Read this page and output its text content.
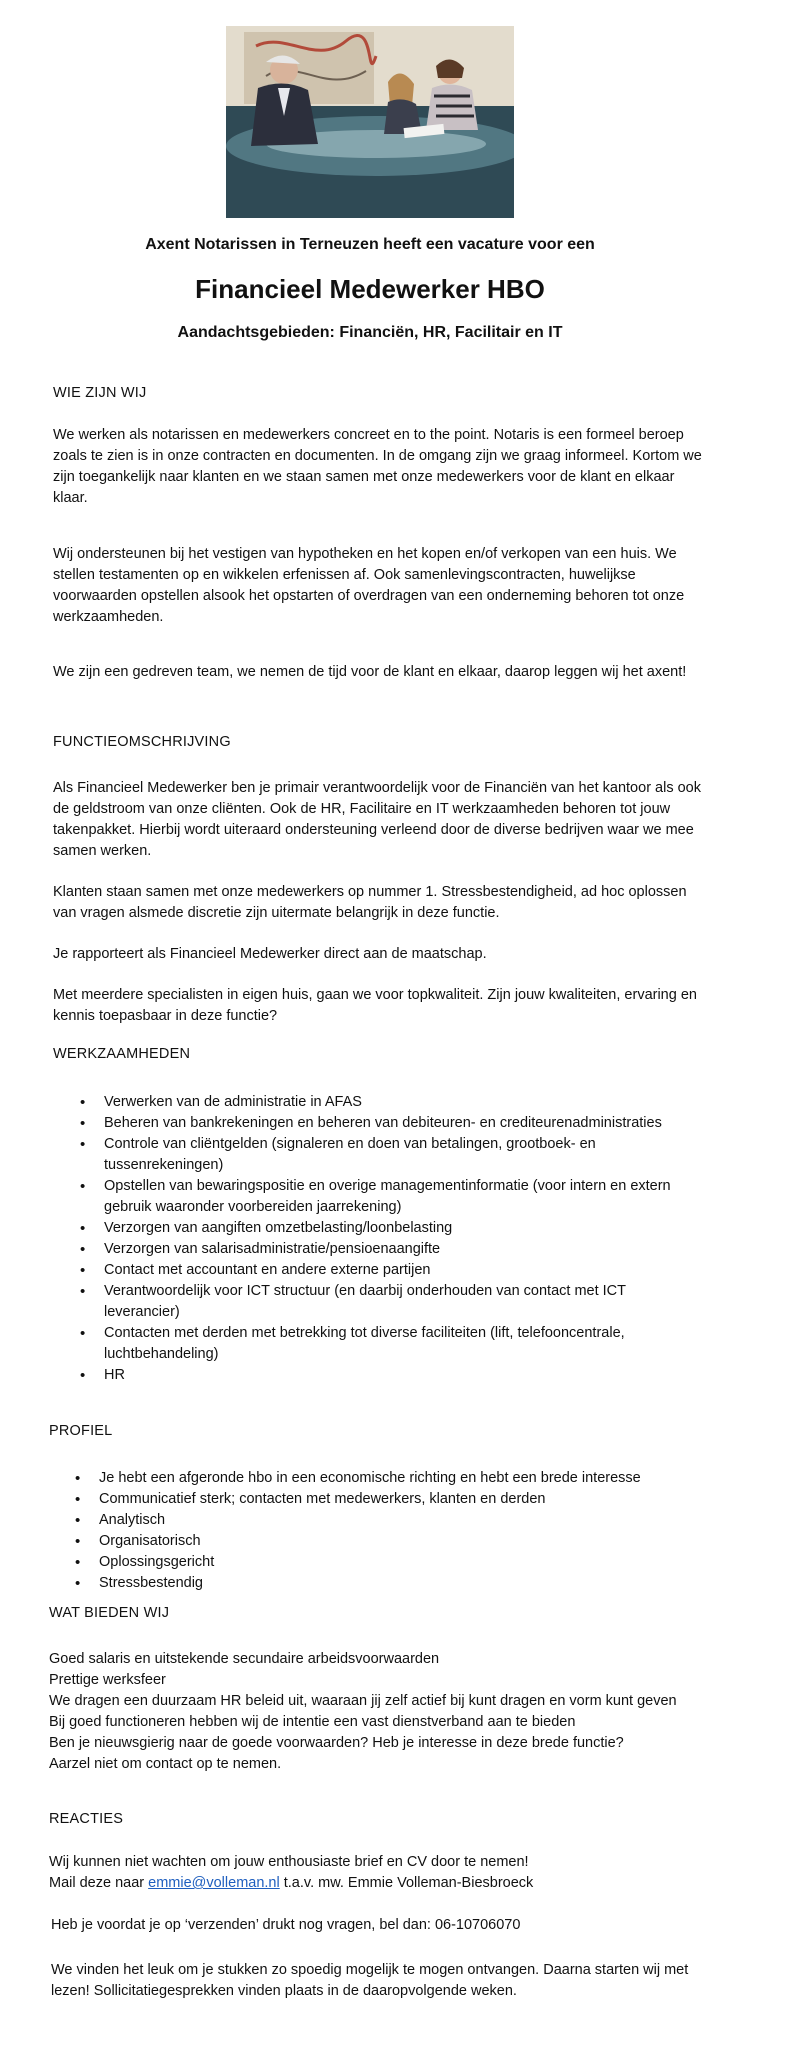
Axent Notarissen in Terneuzen heeft een vacature voor een
Financieel Medewerker HBO
Aandachtsgebieden: Financiën, HR, Facilitair en IT
WIE ZIJN WIJ
We werken als notarissen en medewerkers concreet en to the point. Notaris is een formeel beroep zoals te zien is in onze contracten en documenten. In de omgang zijn we graag informeel. Kortom we zijn toegankelijk naar klanten en we staan samen met onze medewerkers voor de klant en elkaar klaar.
Wij ondersteunen bij het vestigen van hypotheken en het kopen en/of verkopen van een huis. We stellen testamenten op en wikkelen erfenissen af. Ook samenlevingscontracten, huwelijkse voorwaarden opstellen alsook het opstarten of overdragen van een onderneming behoren tot onze werkzaamheden.
We zijn een gedreven team, we nemen de tijd voor de klant en elkaar, daarop leggen wij het axent!
FUNCTIEOMSCHRIJVING
Als Financieel Medewerker ben je primair verantwoordelijk voor de Financiën van het kantoor als ook de geldstroom van onze cliënten. Ook de HR, Facilitaire en IT werkzaamheden behoren tot jouw takenpakket. Hierbij wordt uiteraard ondersteuning verleend door de diverse bedrijven waar we mee samen werken.
Klanten staan samen met onze medewerkers op nummer 1. Stressbestendigheid, ad hoc oplossen van vragen alsmede discretie zijn uitermate belangrijk in deze functie.
Je rapporteert als Financieel Medewerker direct aan de maatschap.
Met meerdere specialisten in eigen huis, gaan we voor topkwaliteit. Zijn jouw kwaliteiten, ervaring en kennis toepasbaar in deze functie?
WERKZAAMHEDEN
• Verwerken van de administratie in AFAS
• Beheren van bankrekeningen en beheren van debiteuren- en crediteurenadministraties
• Controle van cliëntgelden (signaleren en doen van betalingen, grootboek- en tussenrekeningen)
• Opstellen van bewaringspositie en overige managementinformatie (voor intern en extern gebruik waaronder voorbereiden jaarrekening)
• Verzorgen van aangiften omzetbelasting/loonbelasting
• Verzorgen van salarisadministratie/pensioenaangifte
• Contact met accountant en andere externe partijen
• Verantwoordelijk voor ICT structuur (en daarbij onderhouden van contact met ICT leverancier)
• Contacten met derden met betrekking tot diverse faciliteiten (lift, telefooncentrale, luchtbehandeling)
• HR
PROFIEL
• Je hebt een afgeronde hbo in een economische richting en hebt een brede interesse
• Communicatief sterk; contacten met medewerkers, klanten en derden
• Analytisch
• Organisatorisch
• Oplossingsgericht
• Stressbestendig
WAT BIEDEN WIJ
Goed salaris en uitstekende secundaire arbeidsvoorwaarden
Prettige werksfeer
We dragen een duurzaam HR beleid uit, waaraan jij zelf actief bij kunt dragen en vorm kunt geven
Bij goed functioneren hebben wij de intentie een vast dienstverband aan te bieden
Ben je nieuwsgierig naar de goede voorwaarden? Heb je interesse in deze brede functie?
Aarzel niet om contact op te nemen.
REACTIES
Wij kunnen niet wachten om jouw enthousiaste brief en CV door te nemen!
Mail deze naar emmie@volleman.nl t.a.v. mw. Emmie Volleman-Biesbroeck
Heb je voordat je op ‘verzenden’ drukt nog vragen, bel dan: 06-10706070
We vinden het leuk om je stukken zo spoedig mogelijk te mogen ontvangen. Daarna starten wij met lezen! Sollicitatiegesprekken vinden plaats in de daaropvolgende weken.
